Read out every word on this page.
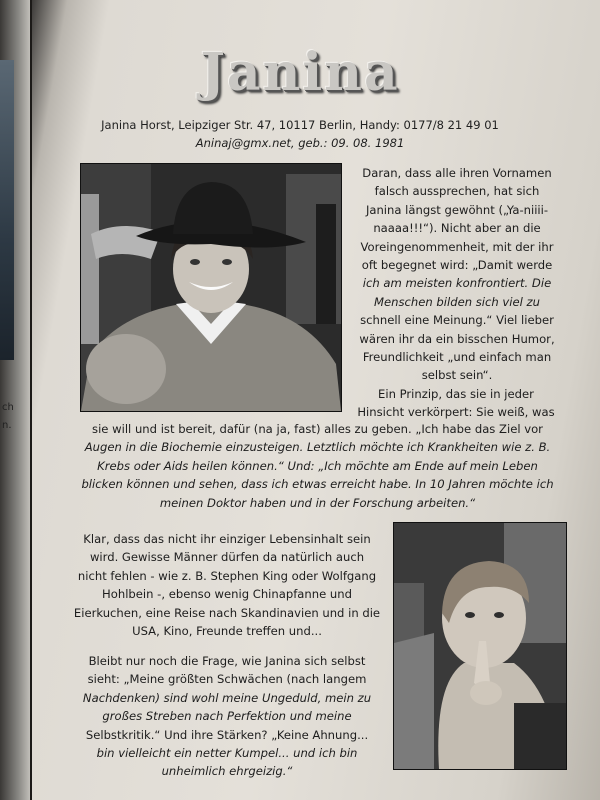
ch
n.
Janina
Janina Horst, Leipziger Str. 47, 10117 Berlin, Handy: 0177/8 21 49 01
Aninaj@gmx.net, geb.: 09. 08. 1981
Daran, dass alle ihren Vornamen
falsch aussprechen, hat sich
Janina längst gewöhnt („Ya-niiii-
naaaa!!!“). Nicht aber an die
Voreingenommenheit, mit der ihr
oft begegnet wird: „Damit werde
ich am meisten konfrontiert. Die
Menschen bilden sich viel zu
schnell eine Meinung.“ Viel lieber
wären ihr da ein bisschen Humor,
Freundlichkeit „und einfach man
selbst sein“.
Ein Prinzip, das sie in jeder
Hinsicht verkörpert: Sie weiß, was
sie will und ist bereit, dafür (na ja, fast) alles zu geben. „Ich habe das Ziel vor
Augen in die Biochemie einzusteigen. Letztlich möchte ich Krankheiten wie z. B.
Krebs oder Aids heilen können.“ Und: „Ich möchte am Ende auf mein Leben
blicken können und sehen, dass ich etwas erreicht habe. In 10 Jahren möchte ich
meinen Doktor haben und in der Forschung arbeiten.“
Klar, dass das nicht ihr einziger Lebensinhalt sein
wird. Gewisse Männer dürfen da natürlich auch
nicht fehlen - wie z. B. Stephen King oder Wolfgang
Hohlbein -, ebenso wenig Chinapfanne und
Eierkuchen, eine Reise nach Skandinavien und in die
USA, Kino, Freunde treffen und...
Bleibt nur noch die Frage, wie Janina sich selbst
sieht: „Meine größten Schwächen (nach langem
Nachdenken) sind wohl meine Ungeduld, mein zu
großes Streben nach Perfektion und meine
Selbstkritik.“ Und ihre Stärken? „Keine Ahnung...
bin vielleicht ein netter Kumpel... und ich bin
unheimlich ehrgeizig.“
